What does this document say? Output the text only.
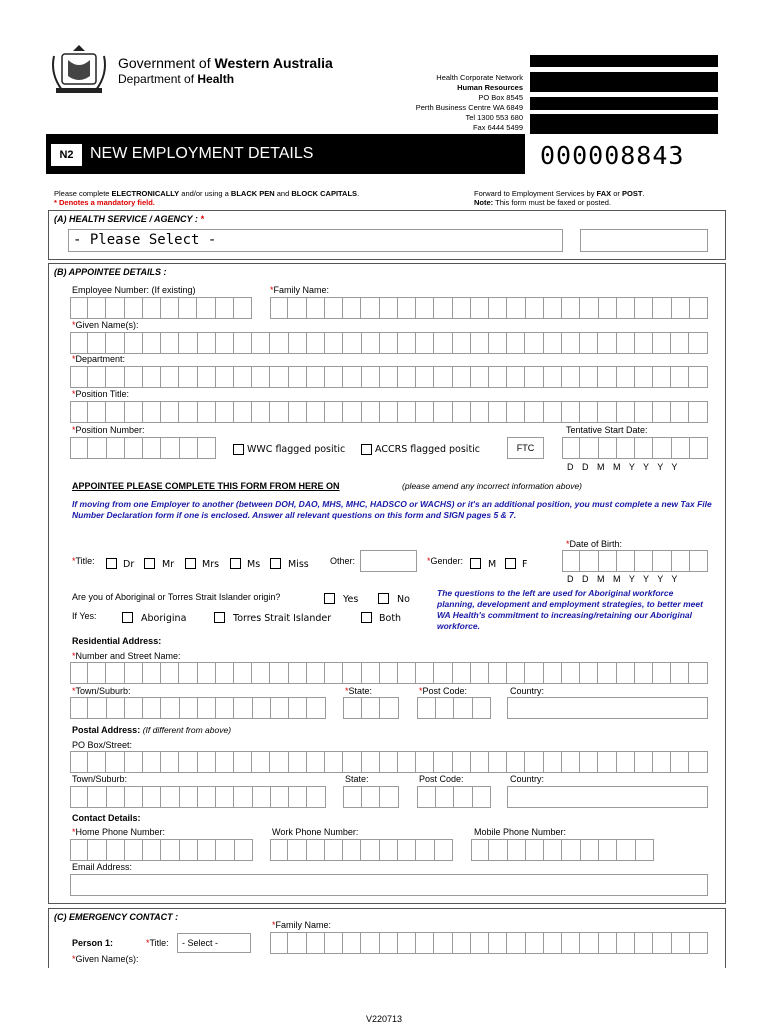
Government of Western Australia
Department of Health	Health Corporate Network
Human Resources
PO Box 8545
Perth Business Centre WA 6849
Tel 1300 553 680
Fax 6444 5499
N2	NEW EMPLOYMENT DETAILS	000008843
Please complete ELECTRONICALLY and/or using a BLACK PEN and BLOCK CAPITALS.
* Denotes a mandatory field.
Forward to Employment Services by FAX or POST.
Note: This form must be faxed or posted.
(A) HEALTH SERVICE / AGENCY : *
- Please Select -
(B) APPOINTEE DETAILS :
Employee Number: (If existing)	*Family Name:
*Given Name(s):
*Department:
*Position Title:
*Position Number:	Tentative Start Date:
WWC flagged positic	ACCRS flagged positic	FTC
D D M M Y Y Y Y
APPOINTEE PLEASE COMPLETE THIS FORM FROM HERE ON	(please amend any incorrect information above)
If moving from one Employer to another (between DOH, DAO, MHS, MHC, HADSCO or WACHS) or it's an additional position, you must complete a new Tax File Number Declaration form if one is enclosed. Answer all relevant questions on this form and SIGN pages 5 & 7.
*Date of Birth:
*Title:	Dr	Mr	Mrs	Ms	Miss Other:	*Gender:	M	F
D D M M Y Y Y Y
Are you of Aboriginal or Torres Strait Islander origin?	Yes	No
If Yes:	Aborigina	Torres Strait Islander	Both
The questions to the left are used for Aboriginal workforce planning, development and employment strategies, to better meet WA Health's commitment to increasing/retaining our Aboriginal workforce.
Residential Address:
*Number and Street Name:
*Town/Suburb:	*State:	*Post Code:	Country:
Postal Address: (If different from above)
PO Box/Street:
Town/Suburb:	State:	Post Code:	Country:
Contact Details:
*Home Phone Number:	Work Phone Number:	Mobile Phone Number:
Email Address:
(C) EMERGENCY CONTACT :
*Family Name:
Person 1:	*Title:	- Select -
*Given Name(s):
V220713
